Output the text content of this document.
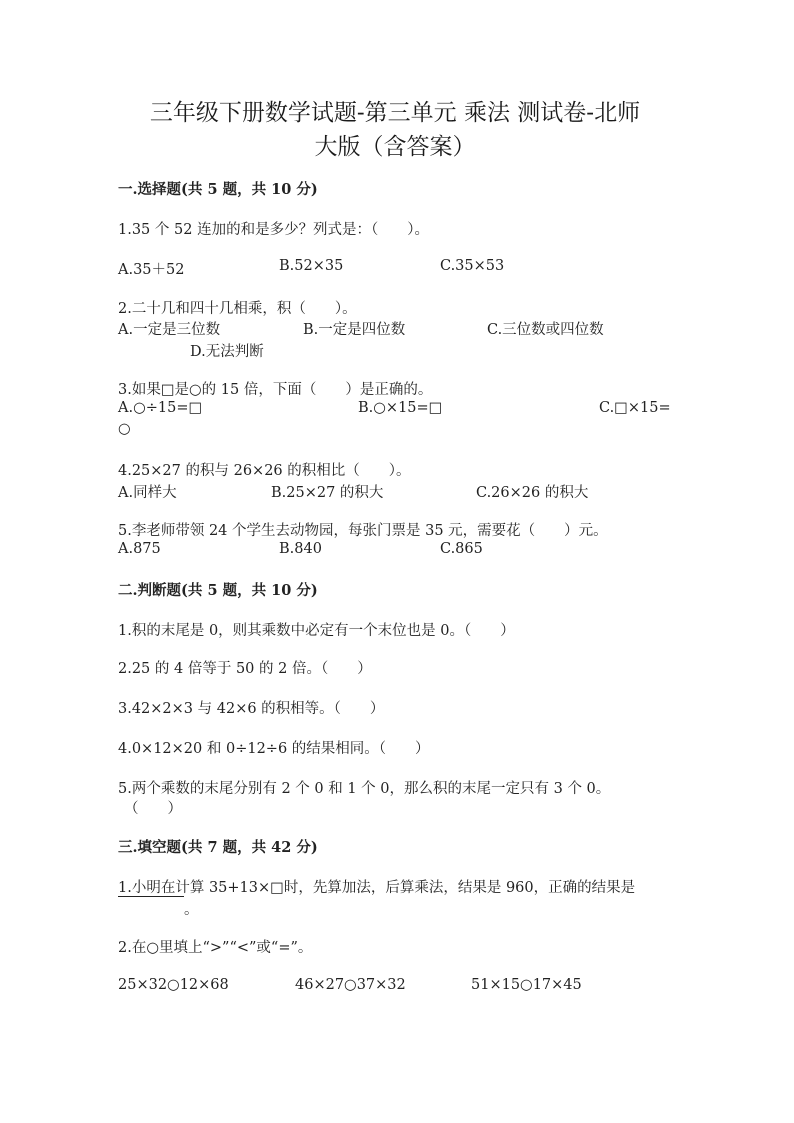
三年级下册数学试题-第三单元 乘法 测试卷-北师
大版（含答案）
一.选择题(共 5 题，共 10 分)
1.35 个 52 连加的和是多少？列式是：（　　）。
A.35＋52	B.52×35	C.35×53
2.二十几和四十几相乘，积（　　）。
A.一定是三位数	B.一定是四位数	C.三位数或四位数
D.无法判断
3.如果□是○的 15 倍，下面（　　）是正确的。
A.○÷15=□	B.○×15=□	C.□×15=
○
4.25×27 的积与 26×26 的积相比（　　）。
A.同样大	B.25×27 的积大	C.26×26 的积大
5.李老师带领 24 个学生去动物园，每张门票是 35 元，需要花（　　）元。
A.875	B.840	C.865
二.判断题(共 5 题，共 10 分)
1.积的末尾是 0，则其乘数中必定有一个末位也是 0。（　　）
2.25 的 4 倍等于 50 的 2 倍。（　　）
3.42×2×3 与 42×6 的积相等。（　　）
4.0×12×20 和 0÷12÷6 的结果相同。（　　）
5.两个乘数的末尾分别有 2 个 0 和 1 个 0，那么积的末尾一定只有 3 个 0。
（　　）
三.填空题(共 7 题，共 42 分)
1.小明在计算 35+13×□时，先算加法，后算乘法，结果是 960，正确的结果是
。
2.在○里填上“>”“<”或“=”。
25×32○12×68	46×27○37×32	51×15○17×45
